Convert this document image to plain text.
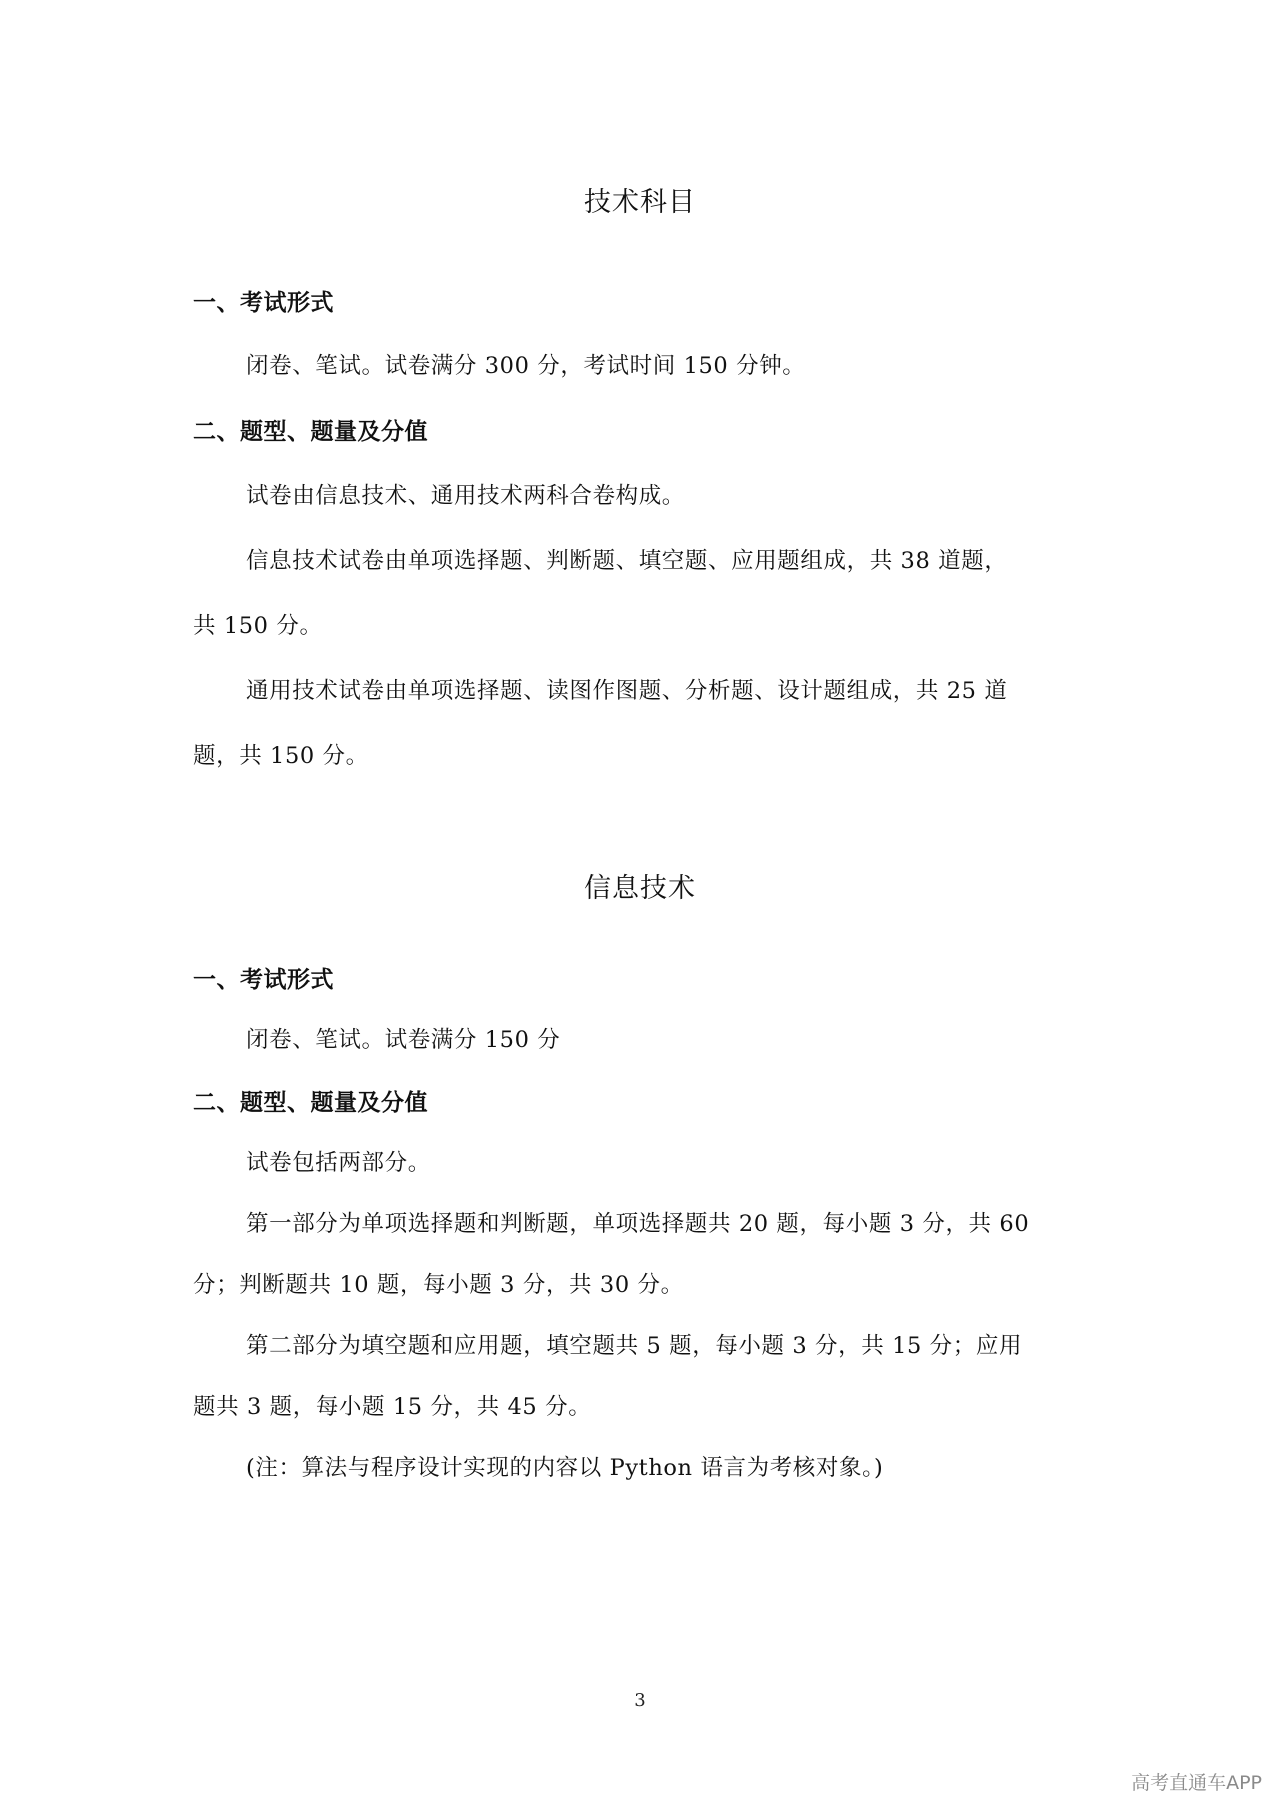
技术科目
一、考试形式
闭卷、笔试。试卷满分 300 分，考试时间 150 分钟。
二、题型、题量及分值
试卷由信息技术、通用技术两科合卷构成。
信息技术试卷由单项选择题、判断题、填空题、应用题组成，共 38 道题，
共 150 分。
通用技术试卷由单项选择题、读图作图题、分析题、设计题组成，共 25 道
题，共 150 分。
信息技术
一、考试形式
闭卷、笔试。试卷满分 150 分
二、题型、题量及分值
试卷包括两部分。
第一部分为单项选择题和判断题，单项选择题共 20 题，每小题 3 分，共 60
分；判断题共 10 题，每小题 3 分，共 30 分。
第二部分为填空题和应用题，填空题共 5 题，每小题 3 分，共 15 分；应用
题共 3 题，每小题 15 分，共 45 分。
(注：算法与程序设计实现的内容以 Python 语言为考核对象。)
3
高考直通车APP
